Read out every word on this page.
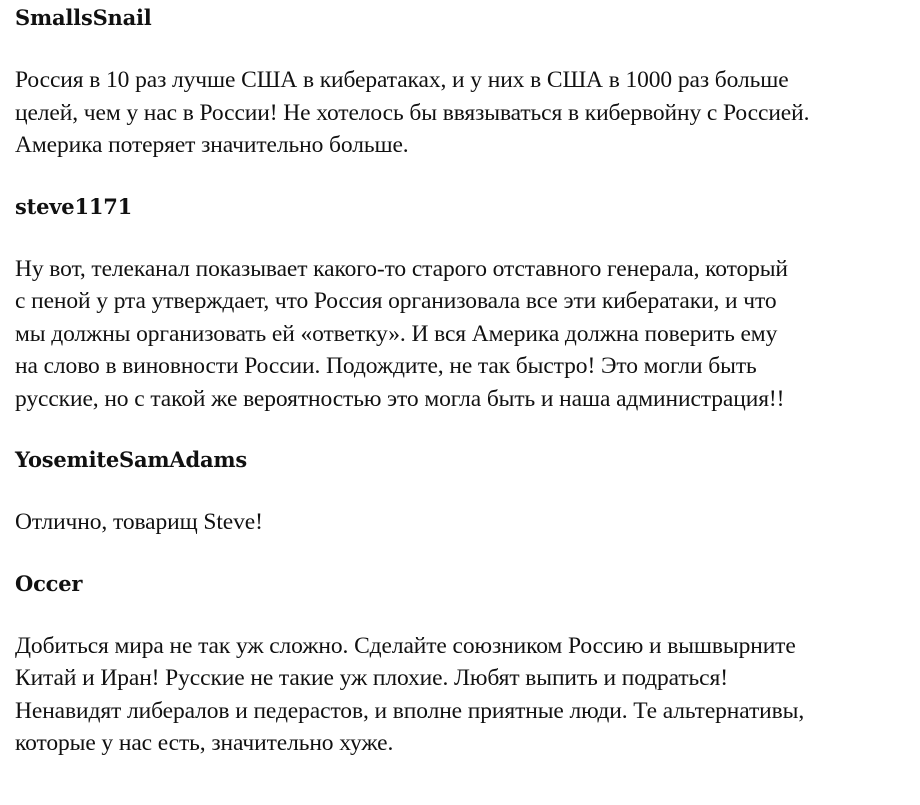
SmallsSnail
Россия в 10 раз лучше США в кибератаках, и у них в США в 1000 раз больше
целей, чем у нас в России! Не хотелось бы ввязываться в кибервойну с Россией.
Америка потеряет значительно больше.
steve1171
Ну вот, телеканал показывает какого-то старого отставного генерала, который
с пеной у рта утверждает, что Россия организовала все эти кибератаки, и что
мы должны организовать ей «ответку». И вся Америка должна поверить ему
на слово в виновности России. Подождите, не так быстро! Это могли быть
русские, но с такой же вероятностью это могла быть и наша администрация!!
YosemiteSamAdams
Отлично, товарищ Steve!
Occer
Добиться мира не так уж сложно. Сделайте союзником Россию и вышвырните
Китай и Иран! Русские не такие уж плохие. Любят выпить и подраться!
Ненавидят либералов и педерастов, и вполне приятные люди. Те альтернативы,
которые у нас есть, значительно хуже.
